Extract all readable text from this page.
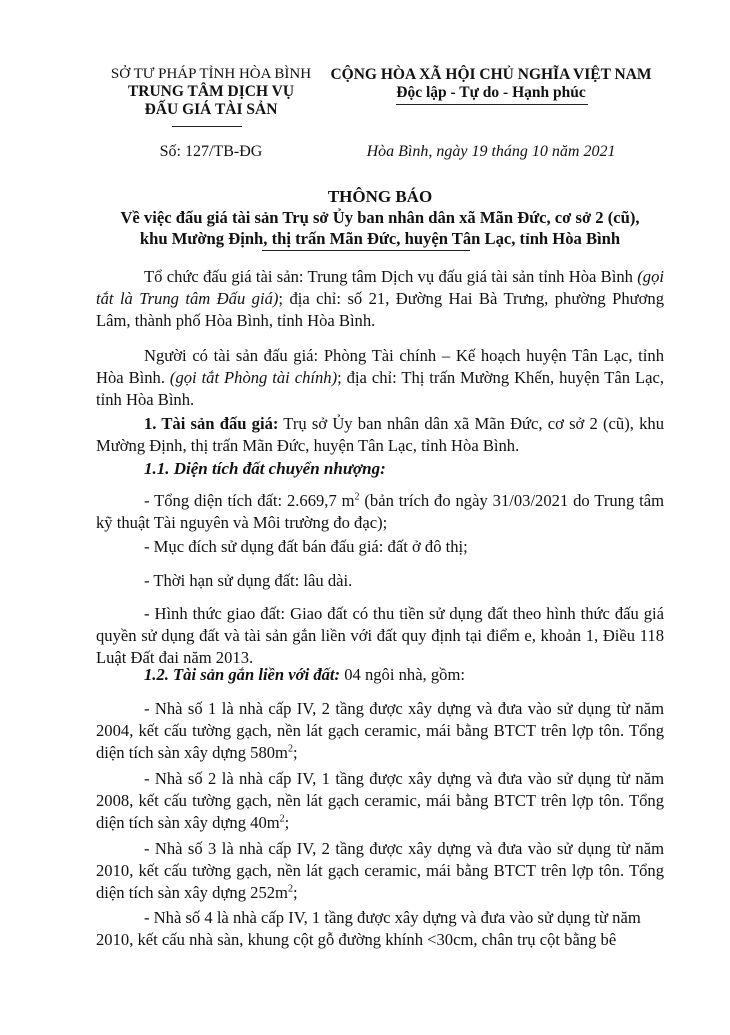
SỞ TƯ PHÁP TỈNH HÒA BÌNH
TRUNG TÂM DỊCH VỤ
ĐẤU GIÁ TÀI SẢN
Số: 127/TB-ĐG
CỘNG HÒA XÃ HỘI CHỦ NGHĨA VIỆT NAM
Độc lập - Tự do - Hạnh phúc
Hòa Bình, ngày 19 tháng 10 năm 2021
THÔNG BÁO
Về việc đấu giá tài sản Trụ sở Ủy ban nhân dân xã Mãn Đức, cơ sở 2 (cũ),
khu Mường Định, thị trấn Mãn Đức, huyện Tân Lạc, tỉnh Hòa Bình
Tổ chức đấu giá tài sản: Trung tâm Dịch vụ đấu giá tài sản tỉnh Hòa Bình (gọi tắt là Trung tâm Đấu giá); địa chỉ: số 21, Đường Hai Bà Trưng, phường Phương Lâm, thành phố Hòa Bình, tỉnh Hòa Bình.
Người có tài sản đấu giá: Phòng Tài chính – Kế hoạch huyện Tân Lạc, tỉnh Hòa Bình. (gọi tắt Phòng tài chính); địa chỉ: Thị trấn Mường Khến, huyện Tân Lạc, tỉnh Hòa Bình.
1. Tài sản đấu giá: Trụ sở Ủy ban nhân dân xã Mãn Đức, cơ sở 2 (cũ), khu Mường Định, thị trấn Mãn Đức, huyện Tân Lạc, tỉnh Hòa Bình.
1.1. Diện tích đất chuyển nhượng:
- Tổng diện tích đất: 2.669,7 $m^2$ (bản trích đo ngày 31/03/2021 do Trung tâm kỹ thuật Tài nguyên và Môi trường đo đạc);
- Mục đích sử dụng đất bán đấu giá: đất ở đô thị;
- Thời hạn sử dụng đất: lâu dài.
- Hình thức giao đất: Giao đất có thu tiền sử dụng đất theo hình thức đấu giá quyền sử dụng đất và tài sản gắn liền với đất quy định tại điểm e, khoản 1, Điều 118 Luật Đất đai năm 2013.
1.2. Tài sản gắn liền với đất: 04 ngôi nhà, gồm:
- Nhà số 1 là nhà cấp IV, 2 tầng được xây dựng và đưa vào sử dụng từ năm 2004, kết cấu tường gạch, nền lát gạch ceramic, mái bằng BTCT trên lợp tôn. Tổng diện tích sàn xây dựng $580m^2$;
- Nhà số 2 là nhà cấp IV, 1 tầng được xây dựng và đưa vào sử dụng từ năm 2008, kết cấu tường gạch, nền lát gạch ceramic, mái bằng BTCT trên lợp tôn. Tổng diện tích sàn xây dựng $40m^2$;
- Nhà số 3 là nhà cấp IV, 2 tầng được xây dựng và đưa vào sử dụng từ năm 2010, kết cấu tường gạch, nền lát gạch ceramic, mái bằng BTCT trên lợp tôn. Tổng diện tích sàn xây dựng $252m^2$;
- Nhà số 4 là nhà cấp IV, 1 tầng được xây dựng và đưa vào sử dụng từ năm 2010, kết cấu nhà sàn, khung cột gỗ đường khính <30cm, chân trụ cột bằng bê
